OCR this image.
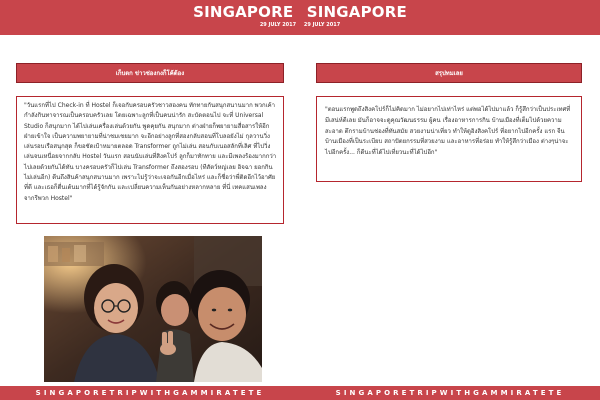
SINGAPORE SINGAPORE
29 JULY 2017 29 JULY 2017
เก็บตก ข่าวช่องกงก็โค้ต้อง

"วันแรกที่ไป Check-in ที่ Hostel ก็เจอกับครอบครัวชาวสองคน ทักทายกันสนุกสนานมาก พวกเค้ากำลังกินทาจารณเป็นครอบครัวเลย โดยเฉพาะลูกที่เป็นคนน่ารัก สะบัดตอนไป จะที่ Universal Studio ก็สนุกมาก ได้ไปเล่นเครื่องเล่นด้วยกัน พูดคุยกัน สนุกมาก ต่างฝ่ายก็พยายามสื่อสารให้อีกฝ่ายเข้าใจ เป็นความพยายามที่น่าชมเชยมาก จะอีกอย่างลูกที่สองกลับสอนที่โบลอยังไม่ กุลวานวิ่งเล่นรอบเรือสนุกสุด ก็ขอชัดเป้าหมายตลอด Transformer ถูกไม่เล่น สอนกับเนอสลักที่เลิศ ที่ไปวิ่งเล่นจนเหนื่อยจากกลับ Hostel วันแรก สอนนับเล่นที่สิงคโปร์ ลูกก็มาทักทาย และมีเพลงร้องมากกว่าไปเลยด้วยกันได้ทัน บางครอบครัวก็ไปเล่น Transformer ถึงสองรอบ (ทีสัตว์หญ่เลย อิจฉา ยอกกินไม่เล่นอีก) ดีนถึงสินค้าสนุกสนานมาก เพราะไม่รู้ว่าจะเจอกันอีกเมื่อไหร่ และก็ชื่อว่าพี่ติดอีกไว้อาศัยที่ดี และเธอก็ตื่นเต้นมากที่ได้รู้จักกัน และเปลี่ยนความเห็นกันอย่างหลากหลาย ที่นี่ เทคแสนเพลงจากรีพวก Hostel"

สรุปทมเลย

"ตอนแรกพูดถึงสิงคโปร์ก็ไม่คิดมาก ไม่อยากไปเท่าไหร่ แต่พอได้ไปมาแล้ว ก็รู้สึกว่าเป็นประเทศที่มีเสน่ห์ดีเลย มันก็อาจจะดูคุณวัฒนธรรม ผู้คน เรื่องอาหารการกิน บ้านเมืองที่เต็มไปด้วยความสะอาด ตึกรามบ้านช่องที่ทันสมัย สวยงามน่าเที่ยว ทำให้ดูอิงสิงคโปร์ ที่อยากไปอีกครั้ง แรก จีน บ้านเมืองที่เป็นระเบียบ สถาปัตยกรรมที่สวยงาม และอาหารที่อร่อย ทำให้รู้สึกว่าเมือง ต่างๆน่าจะไปอีกครั้ง... ก็ดีนะที่ได้ไปเที่ยวนะที่ได้ไปอีก"

SINGAPORETRIPWITHGAMMIRATETE	SINGAPORETRIPWITHGAMMIRATETE
